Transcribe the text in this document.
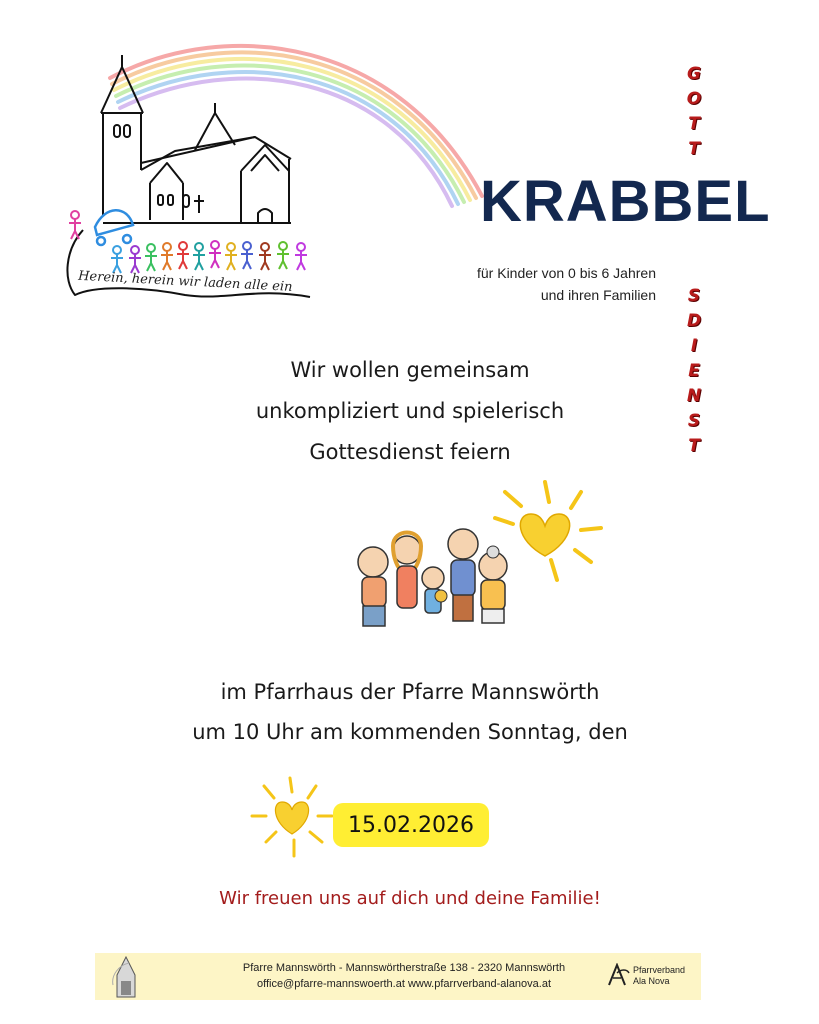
Herein, herein wir laden alle ein
KRABBEL
G
O
T
T
S
D
I
E
N
S
T
für Kinder von 0 bis 6 Jahren
und ihren Familien
Wir wollen gemeinsam
unkompliziert und spielerisch
Gottesdienst feiern
im Pfarrhaus der Pfarre Mannswörth
um 10 Uhr am kommenden Sonntag, den
15.02.2026
Wir freuen uns auf dich und deine Familie!
Pfarre Mannswörth - Mannswörtherstraße 138 - 2320 Mannswörth
office@pfarre-mannswoerth.at www.pfarrverband-alanova.at
Pfarrverband
Ala Nova
